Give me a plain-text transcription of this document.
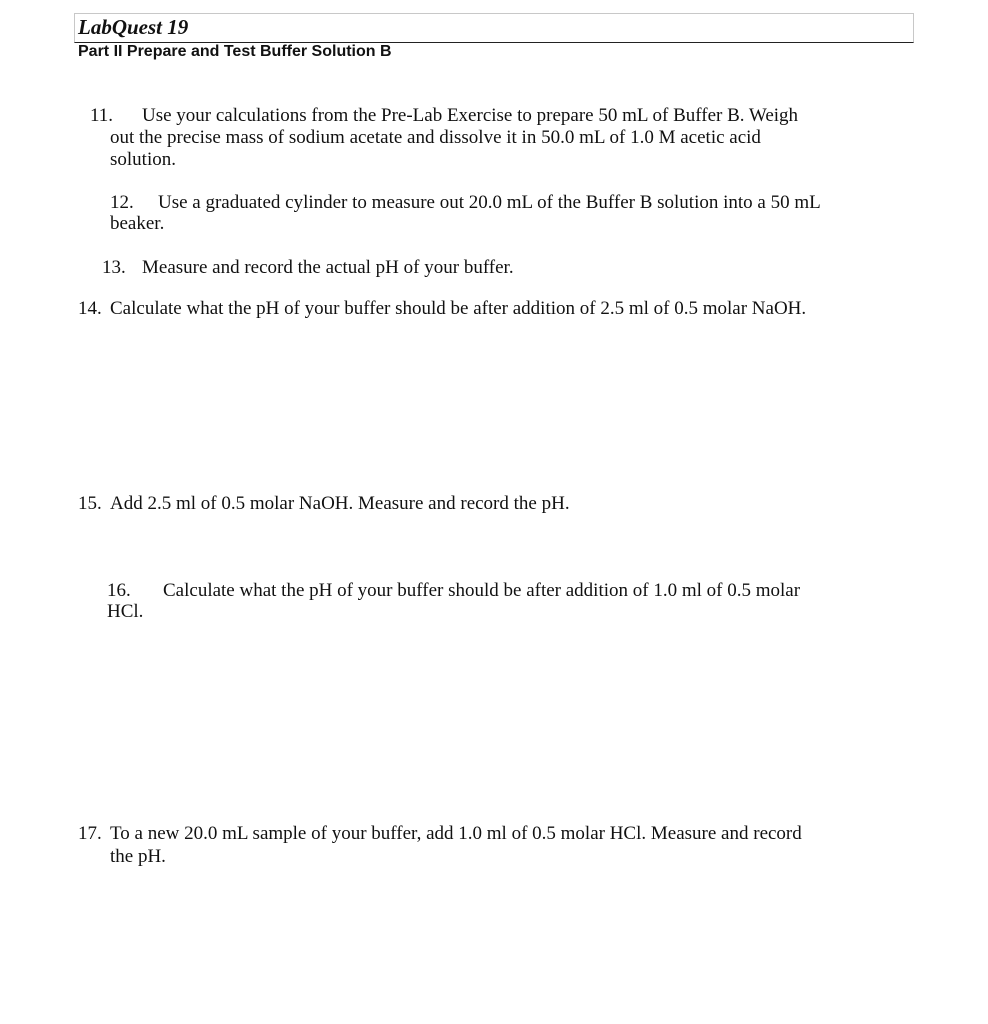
LabQuest 19
Part II Prepare and Test Buffer Solution B
11. Use your calculations from the Pre-Lab Exercise to prepare 50 mL of Buffer B. Weigh
out the precise mass of sodium acetate and dissolve it in 50.0 mL of 1.0 M acetic acid
solution.
12. Use a graduated cylinder to measure out 20.0 mL of the Buffer B solution into a 50 mL
beaker.
13. Measure and record the actual pH of your buffer.
14. Calculate what the pH of your buffer should be after addition of 2.5 ml of 0.5 molar NaOH.
15. Add 2.5 ml of 0.5 molar NaOH. Measure and record the pH.
16. Calculate what the pH of your buffer should be after addition of 1.0 ml of 0.5 molar
HCl.
17. To a new 20.0 mL sample of your buffer, add 1.0 ml of 0.5 molar HCl. Measure and record
the pH.
